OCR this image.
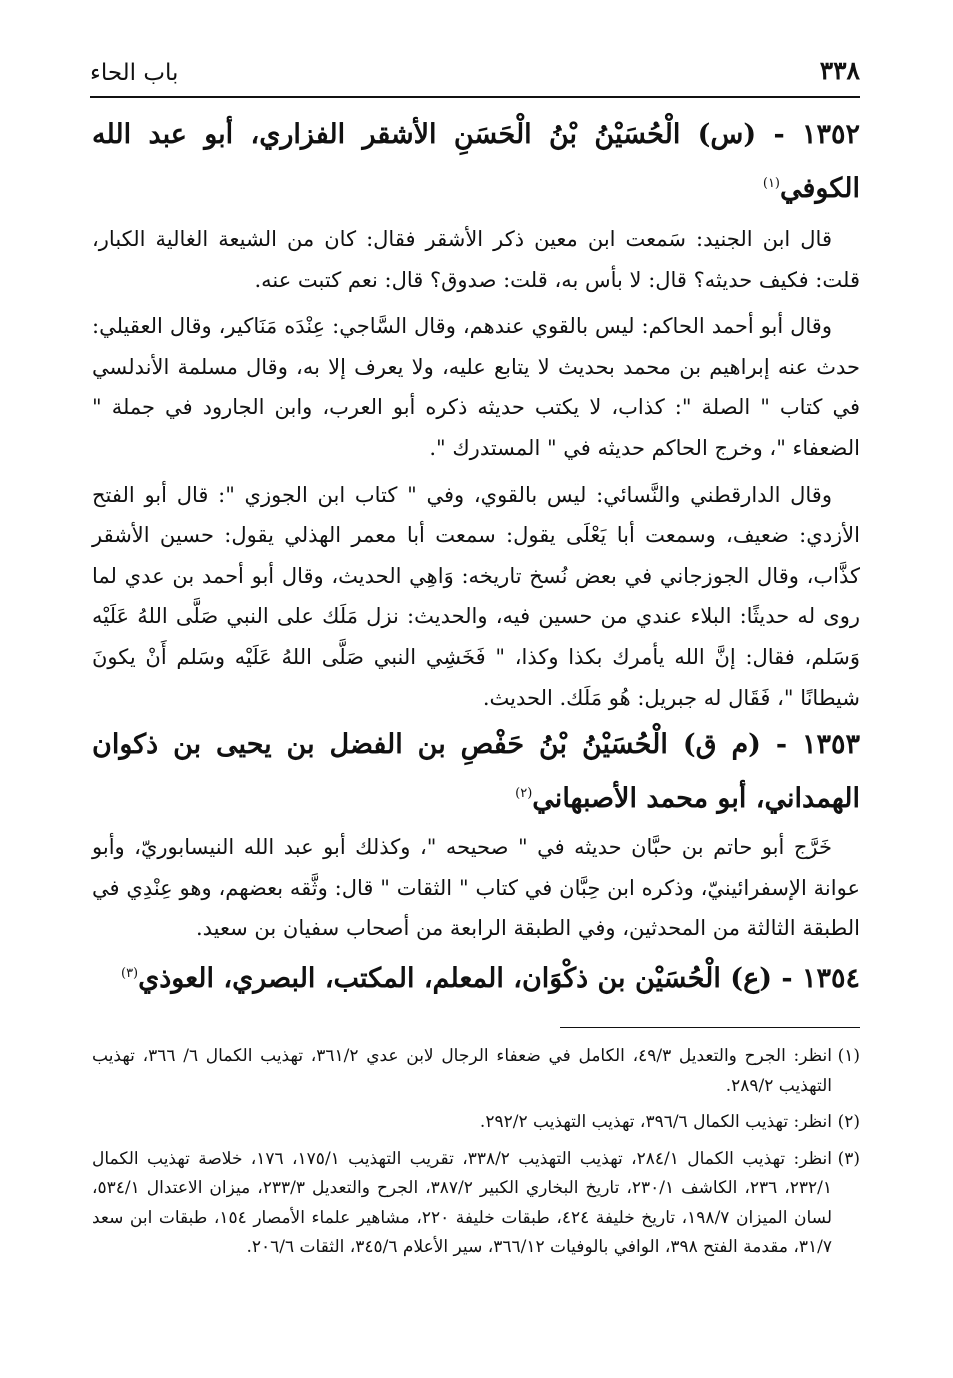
٣٣٨
باب الحاء

١٣٥٢ - (س) الْحُسَيْنُ بْنُ الْحَسَنِ الأشقر الفزاري، أبو عبد الله الكوفي$^{(١)}$

قال ابن الجنيد: سَمعت ابن معين ذكر الأشقر فقال: كان من الشيعة الغالية الكبار، قلت: فكيف حديثه؟ قال: لا بأس به، قلت: صدوق؟ قال: نعم كتبت عنه.

وقال أبو أحمد الحاكم: ليس بالقوي عندهم، وقال السَّاجي: عِنْدَه مَنَاكير، وقال العقيلي: حدث عنه إبراهيم بن محمد بحديث لا يتابع عليه، ولا يعرف إلا به، وقال مسلمة الأندلسي في كتاب " الصلة ": كذاب، لا يكتب حديثه ذكره أبو العرب، وابن الجارود في جملة " الضعفاء "، وخرج الحاكم حديثه في " المستدرك ".

وقال الدارقطني والنَّسائي: ليس بالقوي، وفي " كتاب ابن الجوزي ": قال أبو الفتح الأزدي: ضعيف، وسمعت أبا يَعْلَى يقول: سمعت أبا معمر الهذلي يقول: حسين الأشقر كذَّاب، وقال الجوزجاني في بعض نُسخ تاريخه: وَاهِي الحديث، وقال أبو أحمد بن عدي لما روى له حديثًا: البلاء عندي من حسين فيه، والحديث: نزل مَلَك على النبي صَلَّى اللهُ عَلَيْه وَسَلم، فقال: إنَّ الله يأمرك بكذا وكذا، " فَخَشِي النبي صَلَّى اللهُ عَلَيْه وسَلم أَنْ يكونَ شيطانًا "، فَقَال له جبريل: هُو مَلَك. الحديث.

١٣٥٣ - (م ق) الْحُسَيْنُ بْنُ حَفْصِ بن الفضل بن يحيى بن ذكوان الهمداني، أبو محمد الأصبهاني$^{(٢)}$

خَرَّج أبو حاتم بن حبَّان حديثه في " صحيحه "، وكذلك أبو عبد الله النيسابوريّ، وأبو عوانة الإسفرائينيّ، وذكره ابن حِبَّان في كتاب " الثقات " قال: وثَّقه بعضهم، وهو عِنْدِي في الطبقة الثالثة من المحدثين، وفي الطبقة الرابعة من أصحاب سفيان بن سعيد.

١٣٥٤ - (ع) الْحُسَيْن بن ذكْوَان، المعلم، المكتب، البصري، العوذي$^{(٣)}$

(١)انظر: الجرح والتعديل ٤٩/٣، الكامل في ضعفاء الرجال لابن عدي ٣٦١/٢، تهذيب الكمال ٦/ ٣٦٦، تهذيب التهذيب ٢٨٩/٢.

(٢)انظر: تهذيب الكمال ٣٩٦/٦، تهذيب التهذيب ٢٩٢/٢.

(٣)انظر: تهذيب الكمال ٢٨٤/١، تهذيب التهذيب ٣٣٨/٢، تقريب التهذيب ١٧٥/١، ١٧٦، خلاصة تهذيب الكمال ٢٣٢/١، ٢٣٦، الكاشف ٢٣٠/١، تاريخ البخاري الكبير ٣٨٧/٢، الجرح والتعديل ٢٣٣/٣، ميزان الاعتدال ٥٣٤/١، لسان الميزان ١٩٨/٧، تاريخ خليفة ٤٢٤، طبقات خليفة ٢٢٠، مشاهير علماء الأمصار ١٥٤، طبقات ابن سعد ٣١/٧، مقدمة الفتح ٣٩٨، الوافي بالوفيات ٣٦٦/١٢، سير الأعلام ٣٤٥/٦، الثقات ٢٠٦/٦.
